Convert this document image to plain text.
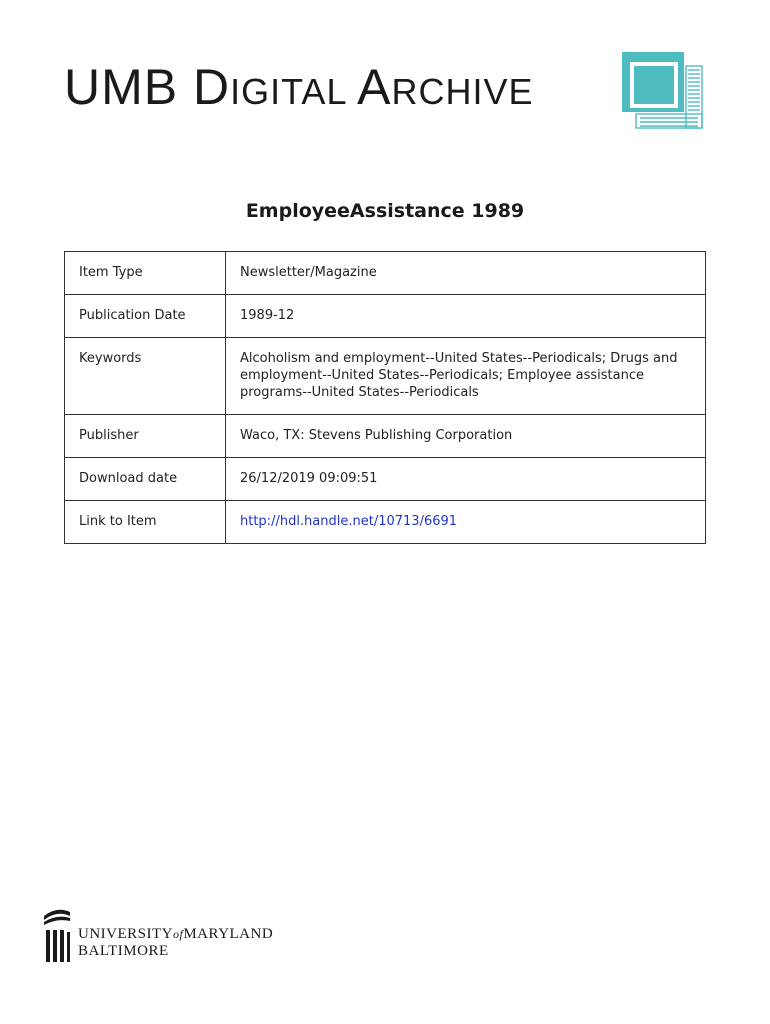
UMB DIGITAL ARCHIVE
EmployeeAssistance 1989
Item Type	Newsletter/Magazine
Publication Date	1989-12
Keywords	Alcoholism and employment--United States--Periodicals; Drugs and employment--United States--Periodicals; Employee assistance programs--United States--Periodicals
Publisher	Waco, TX: Stevens Publishing Corporation
Download date	26/12/2019 09:09:51
Link to Item	http://hdl.handle.net/10713/6691
UNIVERSITYofMARYLAND
BALTIMORE
